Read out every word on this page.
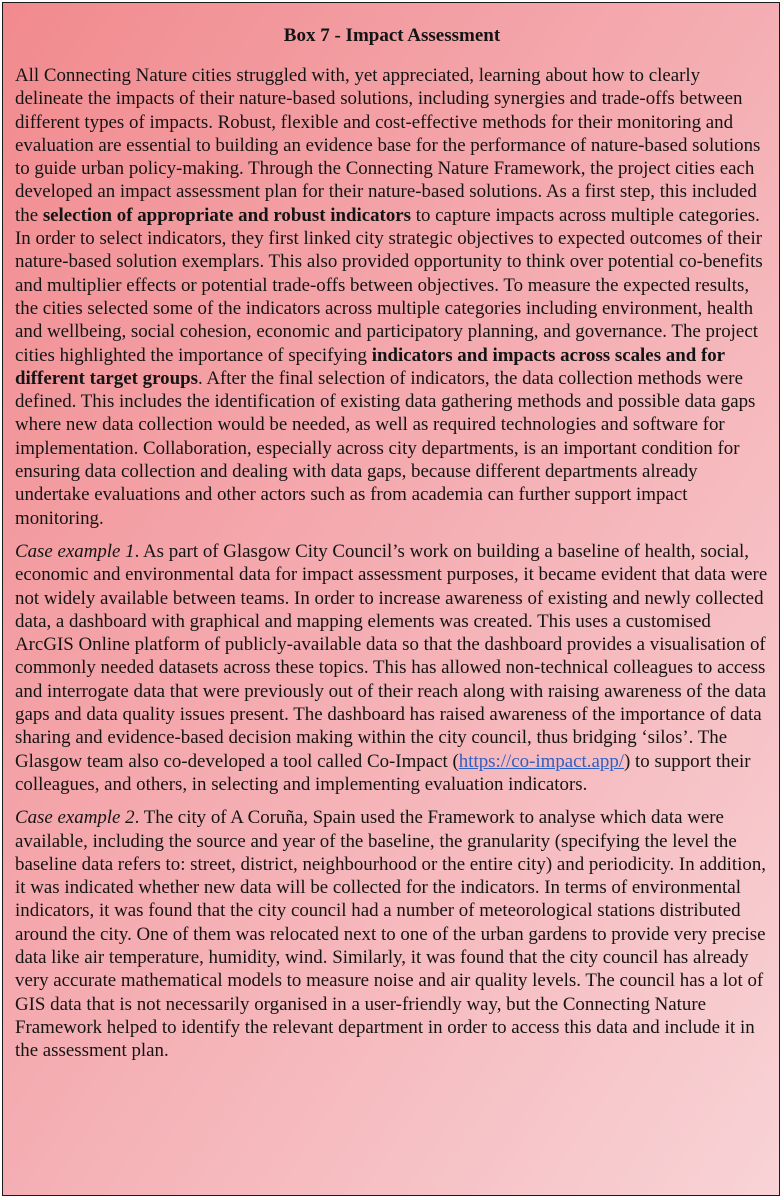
Box 7 - Impact Assessment

All Connecting Nature cities struggled with, yet appreciated, learning about how to clearly delineate the impacts of their nature-based solutions, including synergies and trade-offs between different types of impacts. Robust, flexible and cost-effective methods for their monitoring and evaluation are essential to building an evidence base for the performance of nature-based solutions to guide urban policy-making. Through the Connecting Nature Framework, the project cities each developed an impact assessment plan for their nature-based solutions. As a first step, this included the selection of appropriate and robust indicators to capture impacts across multiple categories. In order to select indicators, they first linked city strategic objectives to expected outcomes of their nature-based solution exemplars. This also provided opportunity to think over potential co-benefits and multiplier effects or potential trade-offs between objectives. To measure the expected results, the cities selected some of the indicators across multiple categories including environment, health and wellbeing, social cohesion, economic and participatory planning, and governance. The project cities highlighted the importance of specifying indicators and impacts across scales and for different target groups. After the final selection of indicators, the data collection methods were defined. This includes the identification of existing data gathering methods and possible data gaps where new data collection would be needed, as well as required technologies and software for implementation. Collaboration, especially across city departments, is an important condition for ensuring data collection and dealing with data gaps, because different departments already undertake evaluations and other actors such as from academia can further support impact monitoring.

Case example 1. As part of Glasgow City Council’s work on building a baseline of health, social, economic and environmental data for impact assessment purposes, it became evident that data were not widely available between teams. In order to increase awareness of existing and newly collected data, a dashboard with graphical and mapping elements was created. This uses a customised ArcGIS Online platform of publicly-available data so that the dashboard provides a visualisation of commonly needed datasets across these topics. This has allowed non-technical colleagues to access and interrogate data that were previously out of their reach along with raising awareness of the data gaps and data quality issues present. The dashboard has raised awareness of the importance of data sharing and evidence-based decision making within the city council, thus bridging ‘silos’. The Glasgow team also co-developed a tool called Co-Impact (https://co-impact.app/) to support their colleagues, and others, in selecting and implementing evaluation indicators.

Case example 2. The city of A Coruña, Spain used the Framework to analyse which data were available, including the source and year of the baseline, the granularity (specifying the level the baseline data refers to: street, district, neighbourhood or the entire city) and periodicity. In addition, it was indicated whether new data will be collected for the indicators. In terms of environmental indicators, it was found that the city council had a number of meteorological stations distributed around the city. One of them was relocated next to one of the urban gardens to provide very precise data like air temperature, humidity, wind. Similarly, it was found that the city council has already very accurate mathematical models to measure noise and air quality levels. The council has a lot of GIS data that is not necessarily organised in a user-friendly way, but the Connecting Nature Framework helped to identify the relevant department in order to access this data and include it in the assessment plan.
